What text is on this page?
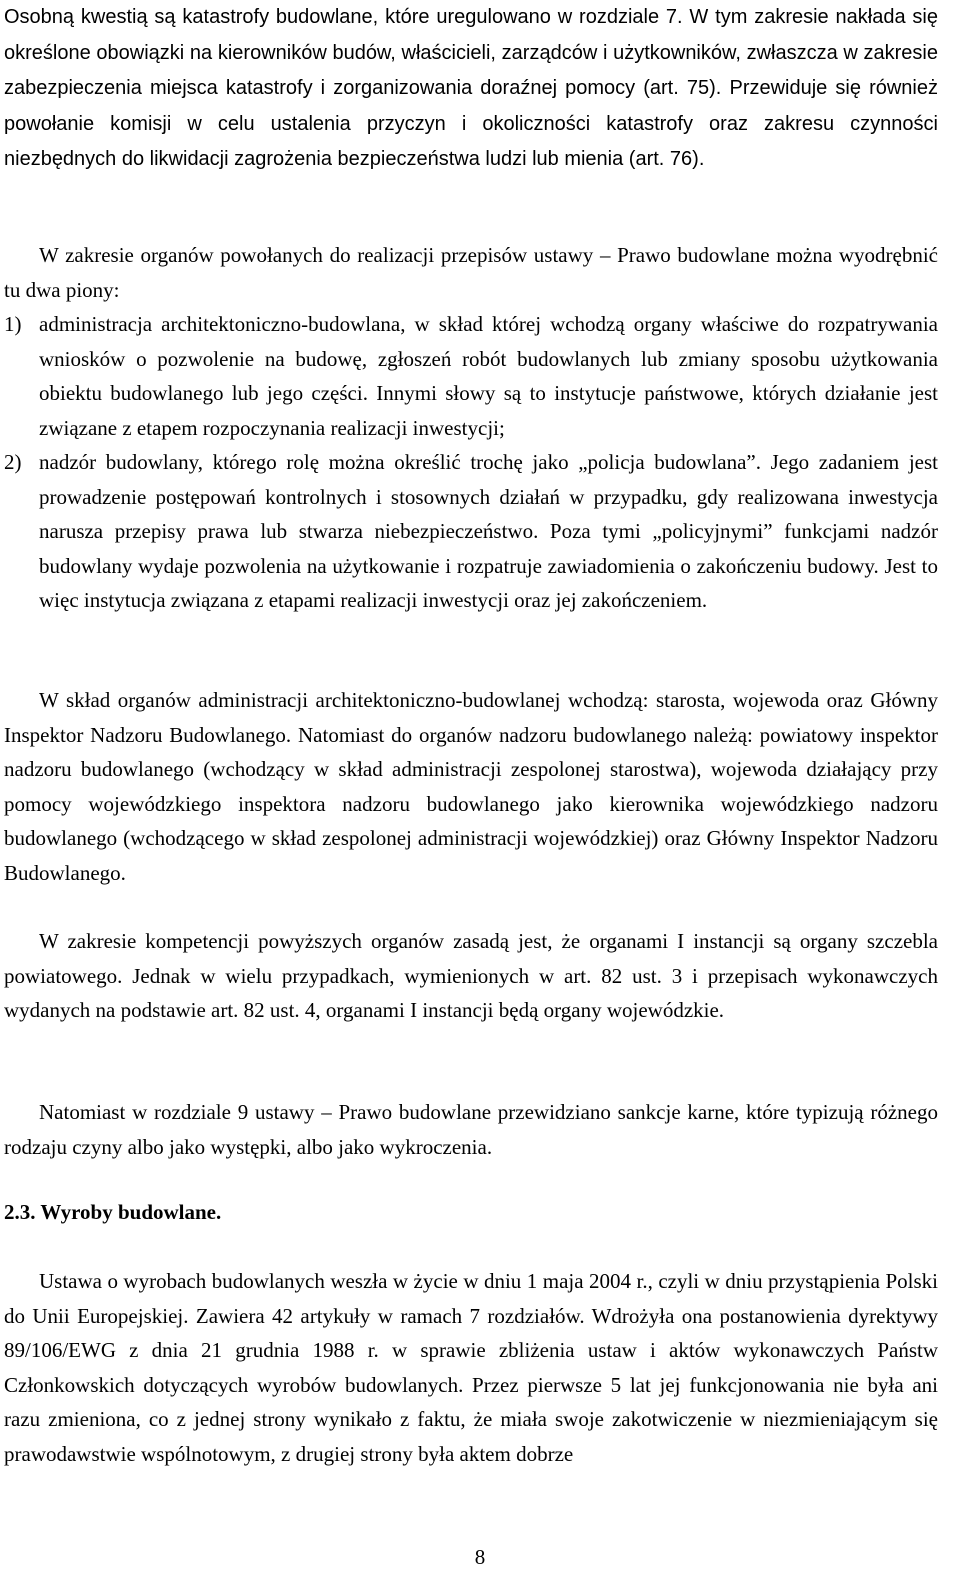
Osobną kwestią są katastrofy budowlane, które uregulowano w rozdziale 7. W tym zakresie nakłada się określone obowiązki na kierowników budów, właścicieli, zarządców i użytkowników, zwłaszcza w zakresie zabezpieczenia miejsca katastrofy i zorganizowania doraźnej pomocy (art. 75). Przewiduje się również powołanie komisji w celu ustalenia przyczyn i okoliczności katastrofy oraz zakresu czynności niezbędnych do likwidacji zagrożenia bezpieczeństwa ludzi lub mienia (art. 76).

W zakresie organów powołanych do realizacji przepisów ustawy – Prawo budowlane można wyodrębnić tu dwa piony:

1) administracja architektoniczno-budowlana, w skład której wchodzą organy właściwe do rozpatrywania wniosków o pozwolenie na budowę, zgłoszeń robót budowlanych lub zmiany sposobu użytkowania obiektu budowlanego lub jego części. Innymi słowy są to instytucje państwowe, których działanie jest związane z etapem rozpoczynania realizacji inwestycji;
2) nadzór budowlany, którego rolę można określić trochę jako „policja budowlana”. Jego zadaniem jest prowadzenie postępowań kontrolnych i stosownych działań w przypadku, gdy realizowana inwestycja narusza przepisy prawa lub stwarza niebezpieczeństwo. Poza tymi „policyjnymi” funkcjami nadzór budowlany wydaje pozwolenia na użytkowanie i rozpatruje zawiadomienia o zakończeniu budowy. Jest to więc instytucja związana z etapami realizacji inwestycji oraz jej zakończeniem.

W skład organów administracji architektoniczno-budowlanej wchodzą: starosta, wojewoda oraz Główny Inspektor Nadzoru Budowlanego. Natomiast do organów nadzoru budowlanego należą: powiatowy inspektor nadzoru budowlanego (wchodzący w skład administracji zespolonej starostwa), wojewoda działający przy pomocy wojewódzkiego inspektora nadzoru budowlanego jako kierownika wojewódzkiego nadzoru budowlanego (wchodzącego w skład zespolonej administracji wojewódzkiej) oraz Główny Inspektor Nadzoru Budowlanego.

W zakresie kompetencji powyższych organów zasadą jest, że organami I instancji są organy szczebla powiatowego. Jednak w wielu przypadkach, wymienionych w art. 82 ust. 3 i przepisach wykonawczych wydanych na podstawie art. 82 ust. 4, organami I instancji będą organy wojewódzkie.

Natomiast w rozdziale 9 ustawy – Prawo budowlane przewidziano sankcje karne, które typizują różnego rodzaju czyny albo jako występki, albo jako wykroczenia.

2.3. Wyroby budowlane.

Ustawa o wyrobach budowlanych weszła w życie w dniu 1 maja 2004 r., czyli w dniu przystąpienia Polski do Unii Europejskiej. Zawiera 42 artykuły w ramach 7 rozdziałów. Wdrożyła ona postanowienia dyrektywy 89/106/EWG z dnia 21 grudnia 1988 r. w sprawie zbliżenia ustaw i aktów wykonawczych Państw Członkowskich dotyczących wyrobów budowlanych. Przez pierwsze 5 lat jej funkcjonowania nie była ani razu zmieniona, co z jednej strony wynikało z faktu, że miała swoje zakotwiczenie w niezmieniającym się prawodawstwie wspólnotowym, z drugiej strony była aktem dobrze

8
